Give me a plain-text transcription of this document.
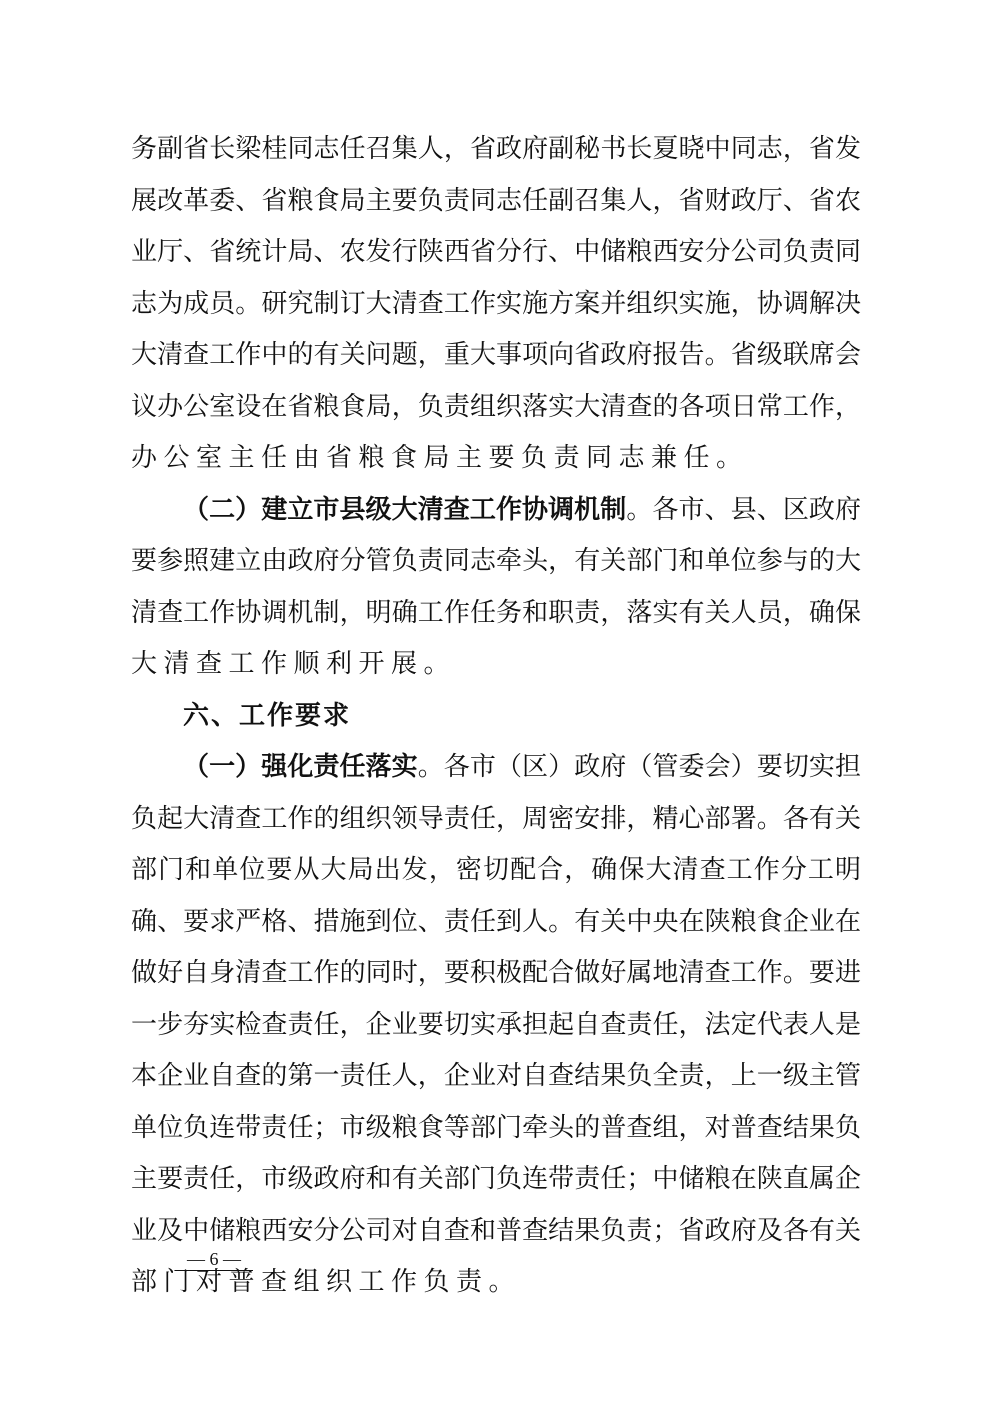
务副省长梁桂同志任召集人，省政府副秘书长夏晓中同志，省发
展改革委、省粮食局主要负责同志任副召集人，省财政厅、省农
业厅、省统计局、农发行陕西省分行、中储粮西安分公司负责同
志为成员。研究制订大清查工作实施方案并组织实施，协调解决
大清查工作中的有关问题，重大事项向省政府报告。省级联席会
议办公室设在省粮食局，负责组织落实大清查的各项日常工作，
办公室主任由省粮食局主要负责同志兼任。
（二）建立市县级大清查工作协调机制。各市、县、区政府
要参照建立由政府分管负责同志牵头，有关部门和单位参与的大
清查工作协调机制，明确工作任务和职责，落实有关人员，确保
大清查工作顺利开展。
六、工作要求
（一）强化责任落实。各市（区）政府（管委会）要切实担
负起大清查工作的组织领导责任，周密安排，精心部署。各有关
部门和单位要从大局出发，密切配合，确保大清查工作分工明
确、要求严格、措施到位、责任到人。有关中央在陕粮食企业在
做好自身清查工作的同时，要积极配合做好属地清查工作。要进
一步夯实检查责任，企业要切实承担起自查责任，法定代表人是
本企业自查的第一责任人，企业对自查结果负全责，上一级主管
单位负连带责任；市级粮食等部门牵头的普查组，对普查结果负
主要责任，市级政府和有关部门负连带责任；中储粮在陕直属企
业及中储粮西安分公司对自查和普查结果负责；省政府及各有关
部门对普查组织工作负责。
— 6 —
